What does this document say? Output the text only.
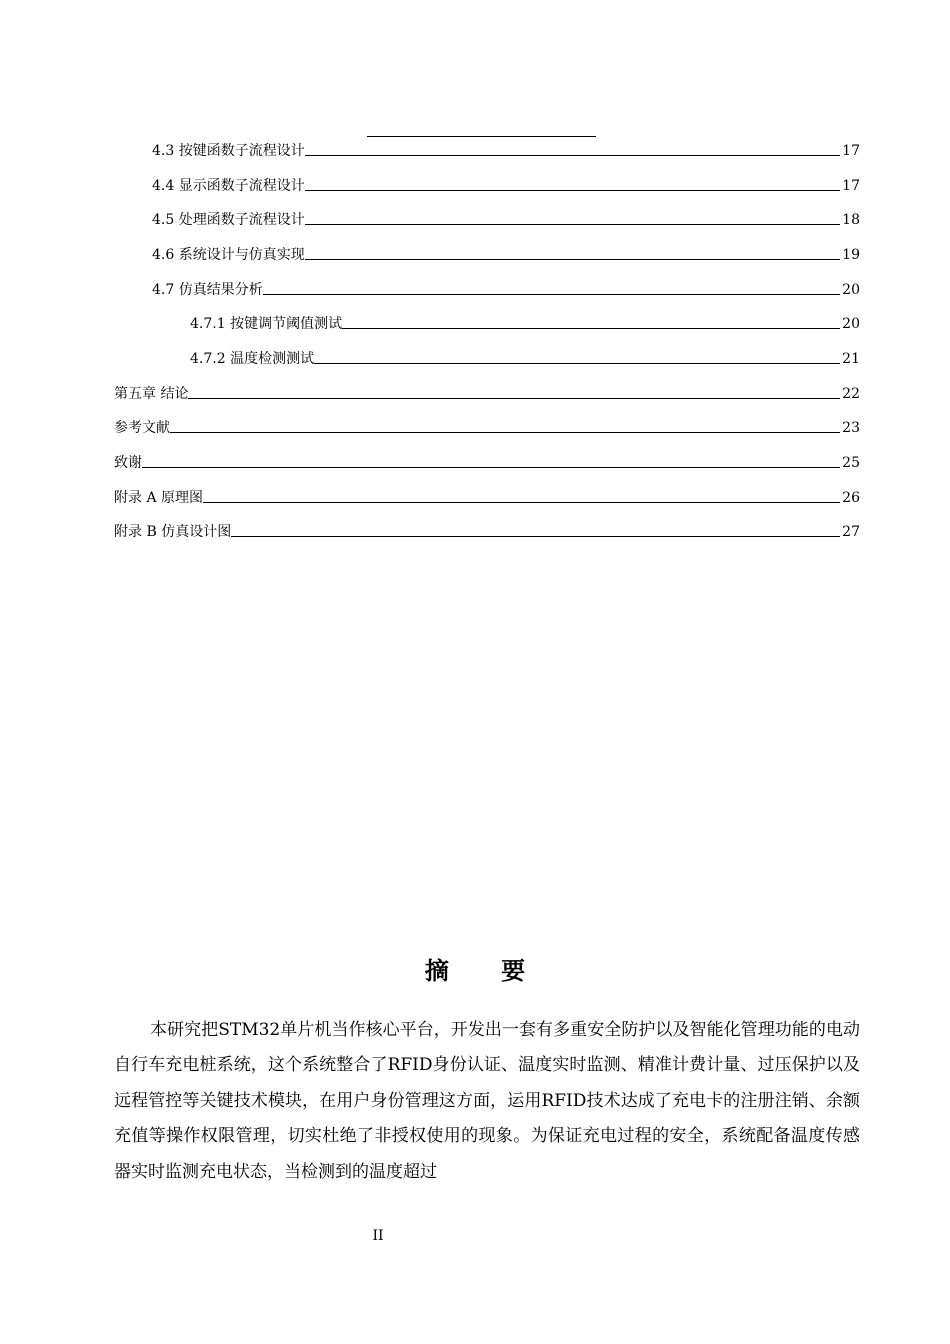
4.3 按键函数子流程设计	17
4.4 显示函数子流程设计	17
4.5 处理函数子流程设计	18
4.6 系统设计与仿真实现	19
4.7 仿真结果分析	20
4.7.1 按键调节阈值测试	20
4.7.2 温度检测测试	21
第五章 结论	22
参考文献	23
致谢	25
附录 A 原理图	26
附录 B 仿真设计图	27
摘 要
本研究把STM32单片机当作核心平台，开发出一套有多重安全防护以及智能化管理功能的电动自行车充电桩系统，这个系统整合了RFID身份认证、温度实时监测、精准计费计量、过压保护以及远程管控等关键技术模块，在用户身份管理这方面，运用RFID技术达成了充电卡的注册注销、余额充值等操作权限管理，切实杜绝了非授权使用的现象。为保证充电过程的安全，系统配备温度传感器实时监测充电状态，当检测到的温度超过
II
